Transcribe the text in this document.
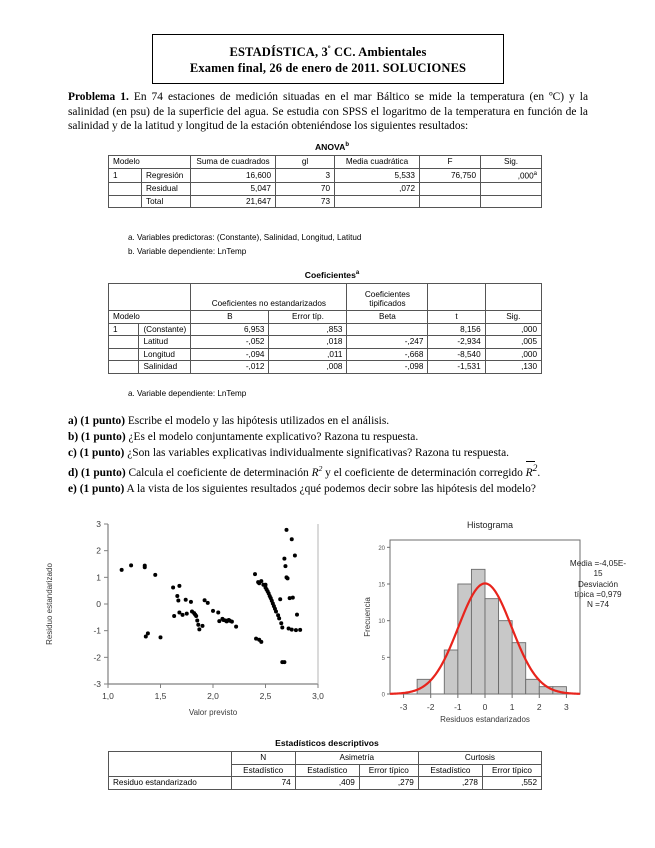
ESTADÍSTICA, $3^º$ CC. Ambientales
Examen final, 26 de enero de 2011. SOLUCIONES
Problema 1. En 74 estaciones de medición situadas en el mar Báltico se mide la temperatura (en ºC) y la salinidad (en psu) de la superficie del agua. Se estudia con SPSS el logaritmo de la temperatura en función de la salinidad y de la latitud y longitud de la estación obteniéndose los siguientes resultados:
ANOVA$^b$
Modelo		Suma de cuadrados	gl	Media cuadrática	F	Sig.
1	Regresión	16,600	3	5,533	76,750	,000$^a$
	Residual	5,047	70	,072		
	Total	21,647	73			
a. Variables predictoras: (Constante), Salinidad, Longitud, Latitud
b. Variable dependiente: LnTemp
Coeficientes$^a$
		Coeficientes no estandarizados		Coeficientes tipificados		
Modelo		B	Error típ.	Beta	t	Sig.
1	(Constante)	6,953	,853		8,156	,000
	Latitud	-,052	,018	-,247	-2,934	,005
	Longitud	-,094	,011	-,668	-8,540	,000
	Salinidad	-,012	,008	-,098	-1,531	,130
a. Variable dependiente: LnTemp
a) (1 punto) Escribe el modelo y las hipótesis utilizados en el análisis.
b) (1 punto) ¿Es el modelo conjuntamente explicativo? Razona tu respuesta.
c) (1 punto) ¿Son las variables explicativas individualmente significativas? Razona tu respuesta.
d) (1 punto) Calcula el coeficiente de determinación $R^2$ y el coeficiente de determinación corregido $R^2$.
e) (1 punto) A la vista de los siguientes resultados ¿qué podemos decir sobre las hipótesis del modelo?
3
2
1
0
-1
-2
-3
1,0	1,5	2,0	2,5	3,0
Residuo estandarizado
Valor previsto
Histograma
20
15
10
5
0
-3 -2 -1 0	1	2	3
Frecuencia
Residuos estandarizados
Media =-4,05E-
15
Desviación
típica =0,979
N =74
Estadísticos descriptivos
	N	Asimetría		Curtosis	
	Estadístico	Estadístico	Error típico	Estadístico	Error típico
Residuo estandarizado	74	,409	,279	,278	,552
